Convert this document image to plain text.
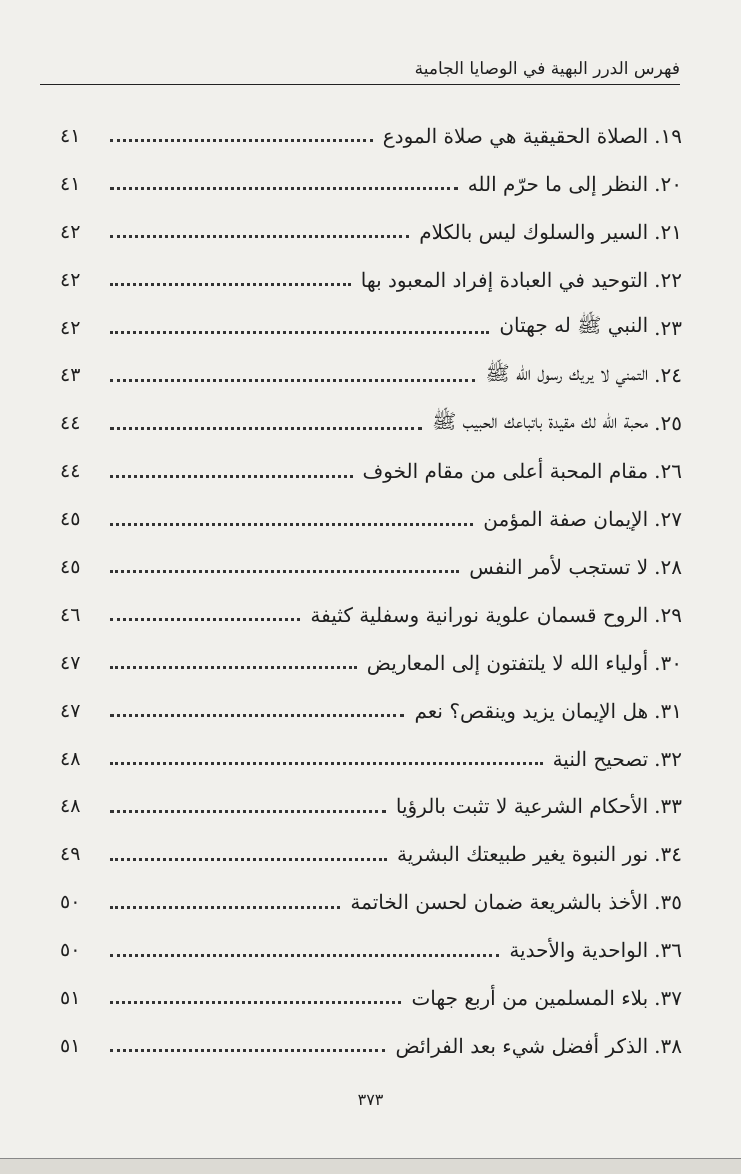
فهرس الدرر البهية في الوصايا الجامية
١٩.
الصلاة الحقيقية هي صلاة المودع
٤١
٢٠.
النظر إلى ما حرّم الله
٤١
٢١.
السير والسلوك ليس بالكلام
٤٢
٢٢.
التوحيد في العبادة إفراد المعبود بها
٤٢
٢٣.
النبي ﷺ له جهتان
٤٢
٢٤.
التمني لا يريك رسول الله ﷺ
٤٣
٢٥.
محبة الله لك مقيدة باتباعك الحبيب ﷺ
٤٤
٢٦.
مقام المحبة أعلى من مقام الخوف
٤٤
٢٧.
الإيمان صفة المؤمن
٤٥
٢٨.
لا تستجب لأمر النفس
٤٥
٢٩.
الروح قسمان علوية نورانية وسفلية كثيفة
٤٦
٣٠.
أولياء الله لا يلتفتون إلى المعاريض
٤٧
٣١.
هل الإيمان يزيد وينقص؟ نعم
٤٧
٣٢.
تصحيح النية
٤٨
٣٣.
الأحكام الشرعية لا تثبت بالرؤيا
٤٨
٣٤.
نور النبوة يغير طبيعتك البشرية
٤٩
٣٥.
الأخذ بالشريعة ضمان لحسن الخاتمة
٥٠
٣٦.
الواحدية والأحدية
٥٠
٣٧.
بلاء المسلمين من أربع جهات
٥١
٣٨.
الذكر أفضل شيء بعد الفرائض
٥١
٣٧٣
